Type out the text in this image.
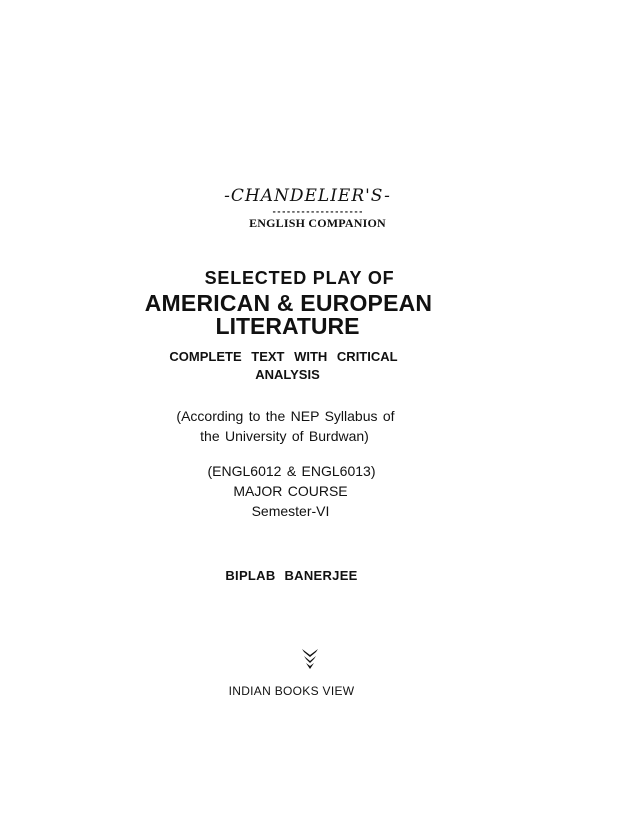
-CHANDELIER'S-
-------------------
ENGLISH COMPANION
SELECTED PLAY OF
AMERICAN & EUROPEAN
LITERATURE
COMPLETE TEXT WITH CRITICAL
ANALYSIS
(According to the NEP Syllabus of
the University of Burdwan)
(ENGL6012 & ENGL6013)
MAJOR COURSE
Semester-VI
BIPLAB BANERJEE
INDIAN BOOKS VIEW
